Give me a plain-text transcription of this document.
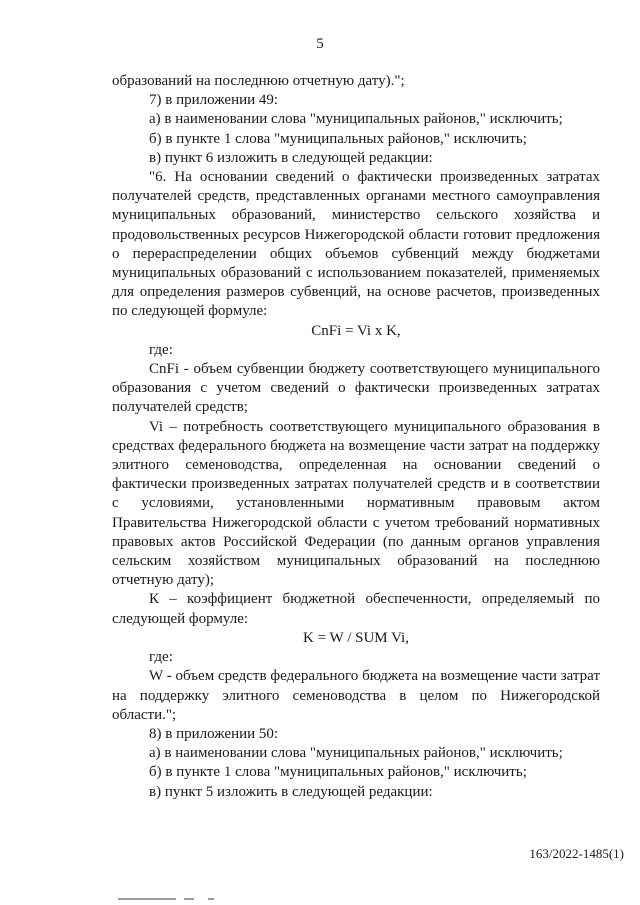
5

образований на последнюю отчетную дату).";

7) в приложении 49:

а) в наименовании слова "муниципальных районов," исключить;

б) в пункте 1 слова "муниципальных районов," исключить;

в) пункт 6 изложить в следующей редакции:

"6. На основании сведений о фактически произведенных затратах получателей средств, представленных органами местного самоуправления муниципальных образований, министерство сельского хозяйства и продовольственных ресурсов Нижегородской области готовит предложения о перераспределении общих объемов субвенций между бюджетами муниципальных образований с использованием показателей, применяемых для определения размеров субвенций, на основе расчетов, произведенных по следующей формуле:

CnFi = Vi x K,

где:

CnFi - объем субвенции бюджету соответствующего муниципального образования с учетом сведений о фактически произведенных затратах получателей средств;

Vi – потребность соответствующего муниципального образования в средствах федерального бюджета на возмещение части затрат на поддержку элитного семеноводства, определенная на основании сведений о фактически произведенных затратах получателей средств и в соответствии с условиями, установленными нормативным правовым актом Правительства Нижегородской области с учетом требований нормативных правовых актов Российской Федерации (по данным органов управления сельским хозяйством муниципальных образований на последнюю отчетную дату);

К – коэффициент бюджетной обеспеченности, определяемый по следующей формуле:

K = W / SUM Vi,

где:

W - объем средств федерального бюджета на возмещение части затрат на поддержку элитного семеноводства в целом по Нижегородской области.";

8) в приложении 50:

а) в наименовании слова "муниципальных районов," исключить;

б) в пункте 1 слова "муниципальных районов," исключить;

в) пункт 5 изложить в следующей редакции:

163/2022-1485(1)
